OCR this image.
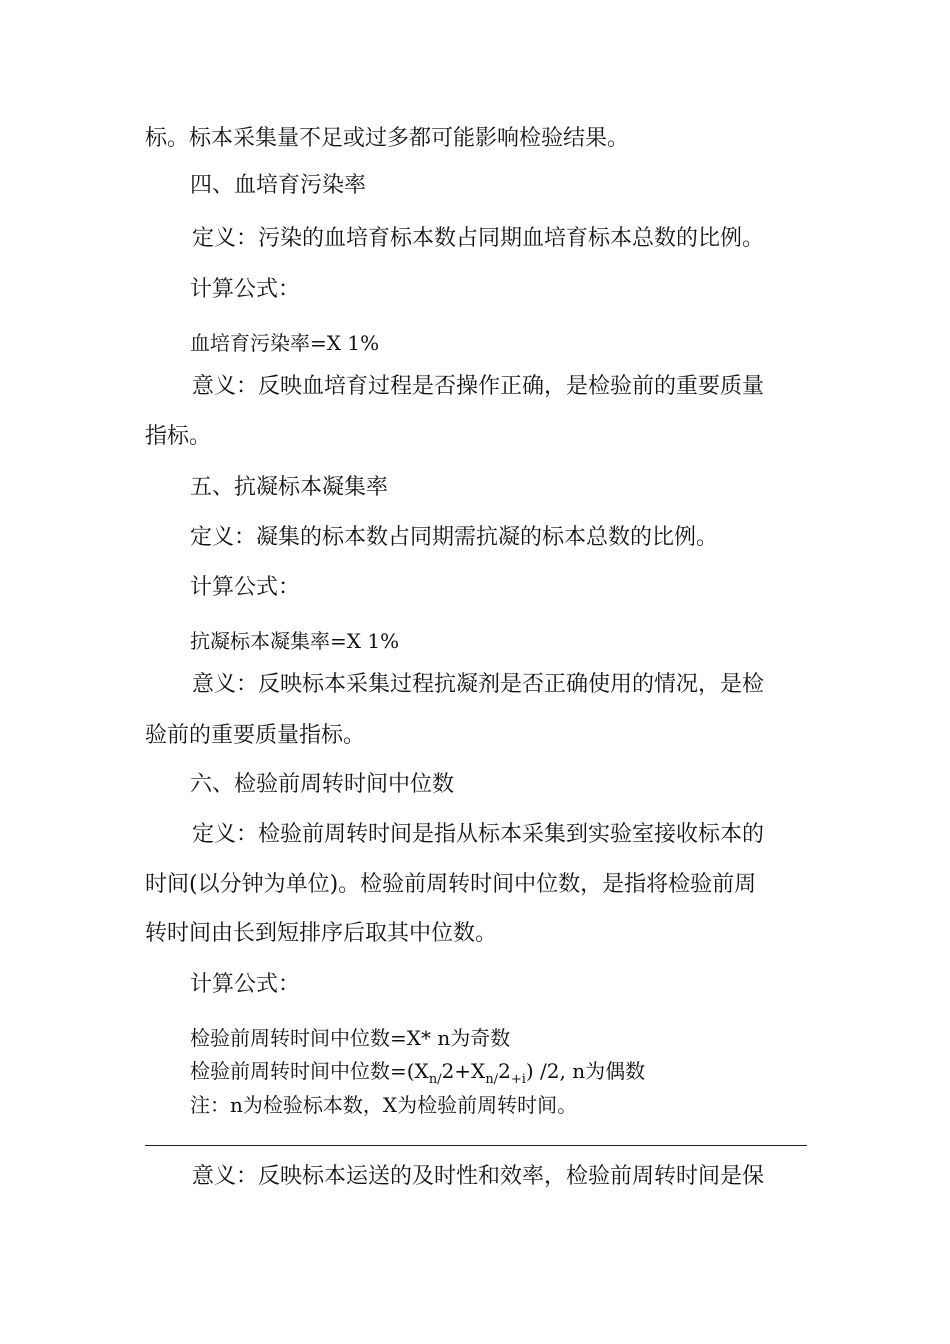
标。标本采集量不足或过多都可能影响检验结果。
四、血培育污染率
定义：污染的血培育标本数占同期血培育标本总数的比例。
计算公式：
血培育污染率=X 1%
意义：反映血培育过程是否操作正确，是检验前的重要质量
指标。
五、抗凝标本凝集率
定义：凝集的标本数占同期需抗凝的标本总数的比例。
计算公式：
抗凝标本凝集率=X 1%
意义：反映标本采集过程抗凝剂是否正确使用的情况，是检
验前的重要质量指标。
六、检验前周转时间中位数
定义：检验前周转时间是指从标本采集到实验室接收标本的
时间(以分钟为单位)。检验前周转时间中位数，是指将检验前周
转时间由长到短排序后取其中位数。
计算公式：
检验前周转时间中位数=X* n为奇数
检验前周转时间中位数$=(X_{n/}2+X_{n/}2_{+i})$ /2, n为偶数
注：n为检验标本数，X为检验前周转时间。
意义：反映标本运送的及时性和效率，检验前周转时间是保
